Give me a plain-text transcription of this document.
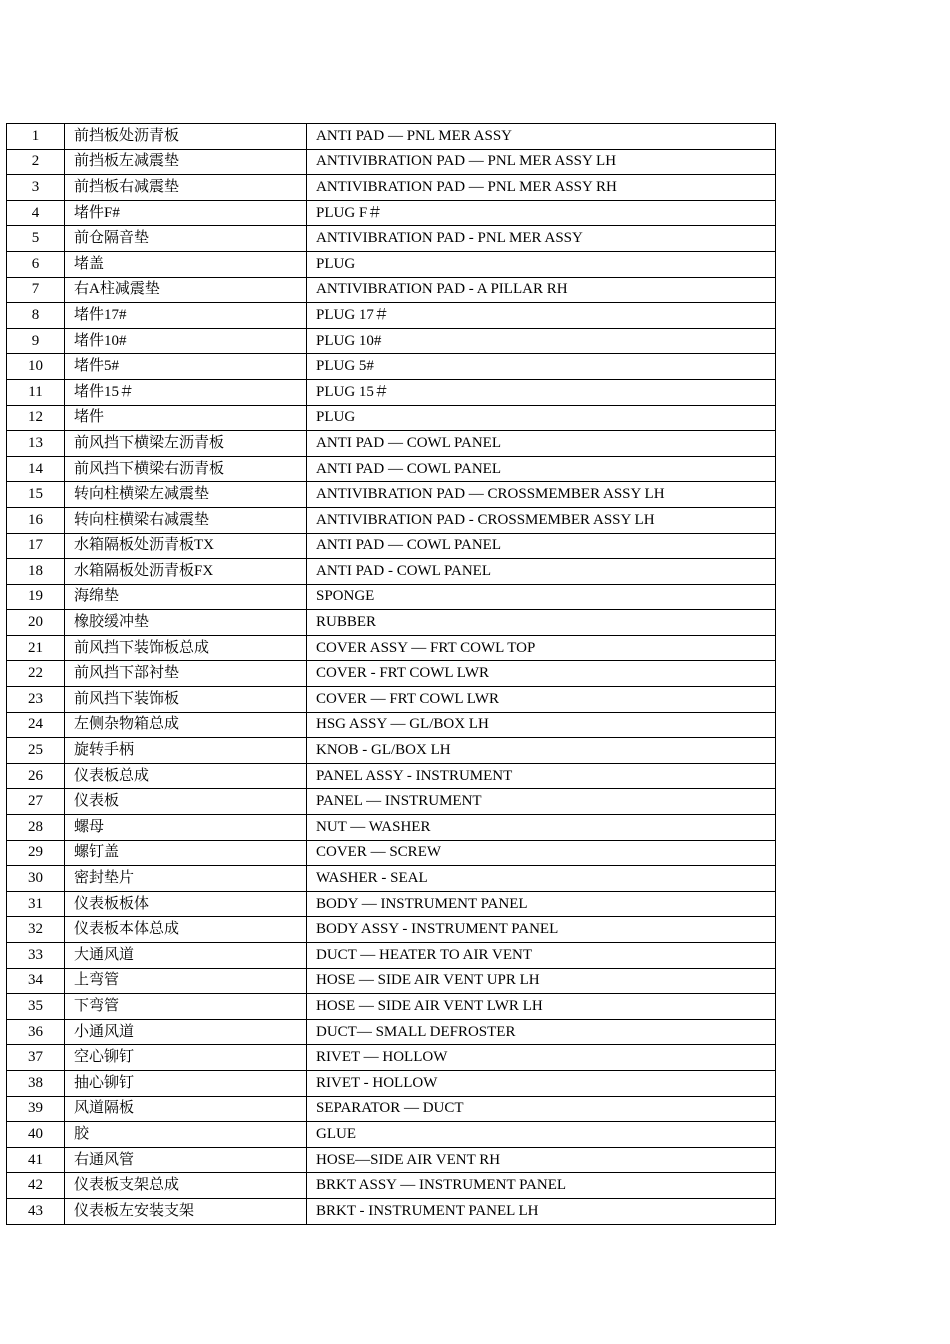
1	前挡板处沥青板	ANTI PAD — PNL MER ASSY
2	前挡板左减震垫	ANTIVIBRATION PAD — PNL MER ASSY LH
3	前挡板右减震垫	ANTIVIBRATION PAD — PNL MER ASSY RH
4	堵件F#	PLUG F＃
5	前仓隔音垫	ANTIVIBRATION PAD - PNL MER ASSY
6	堵盖	PLUG
7	右A柱减震垫	ANTIVIBRATION PAD - A PILLAR RH
8	堵件17#	PLUG 17＃
9	堵件10#	PLUG 10#
10	堵件5#	PLUG 5#
11	堵件15＃	PLUG 15＃
12	堵件	PLUG
13	前风挡下横梁左沥青板	ANTI PAD — COWL PANEL
14	前风挡下横梁右沥青板	ANTI PAD — COWL PANEL
15	转向柱横梁左减震垫	ANTIVIBRATION PAD — CROSSMEMBER ASSY LH
16	转向柱横梁右减震垫	ANTIVIBRATION PAD - CROSSMEMBER ASSY LH
17	水箱隔板处沥青板TX	ANTI PAD — COWL PANEL
18	水箱隔板处沥青板FX	ANTI PAD - COWL PANEL
19	海绵垫	SPONGE
20	橡胶缓冲垫	RUBBER
21	前风挡下装饰板总成	COVER ASSY — FRT COWL TOP
22	前风挡下部衬垫	COVER - FRT COWL LWR
23	前风挡下装饰板	COVER — FRT COWL LWR
24	左侧杂物箱总成	HSG ASSY — GL/BOX LH
25	旋转手柄	KNOB - GL/BOX LH
26	仪表板总成	PANEL ASSY - INSTRUMENT
27	仪表板	PANEL — INSTRUMENT
28	螺母	NUT — WASHER
29	螺钉盖	COVER — SCREW
30	密封垫片	WASHER - SEAL
31	仪表板板体	BODY — INSTRUMENT PANEL
32	仪表板本体总成	BODY ASSY - INSTRUMENT PANEL
33	大通风道	DUCT — HEATER TO AIR VENT
34	上弯管	HOSE — SIDE AIR VENT UPR LH
35	下弯管	HOSE — SIDE AIR VENT LWR LH
36	小通风道	DUCT— SMALL DEFROSTER
37	空心铆钉	RIVET — HOLLOW
38	抽心铆钉	RIVET - HOLLOW
39	风道隔板	SEPARATOR — DUCT
40	胶	GLUE
41	右通风管	HOSE—SIDE AIR VENT RH
42	仪表板支架总成	BRKT ASSY — INSTRUMENT PANEL
43	仪表板左安装支架	BRKT - INSTRUMENT PANEL LH
